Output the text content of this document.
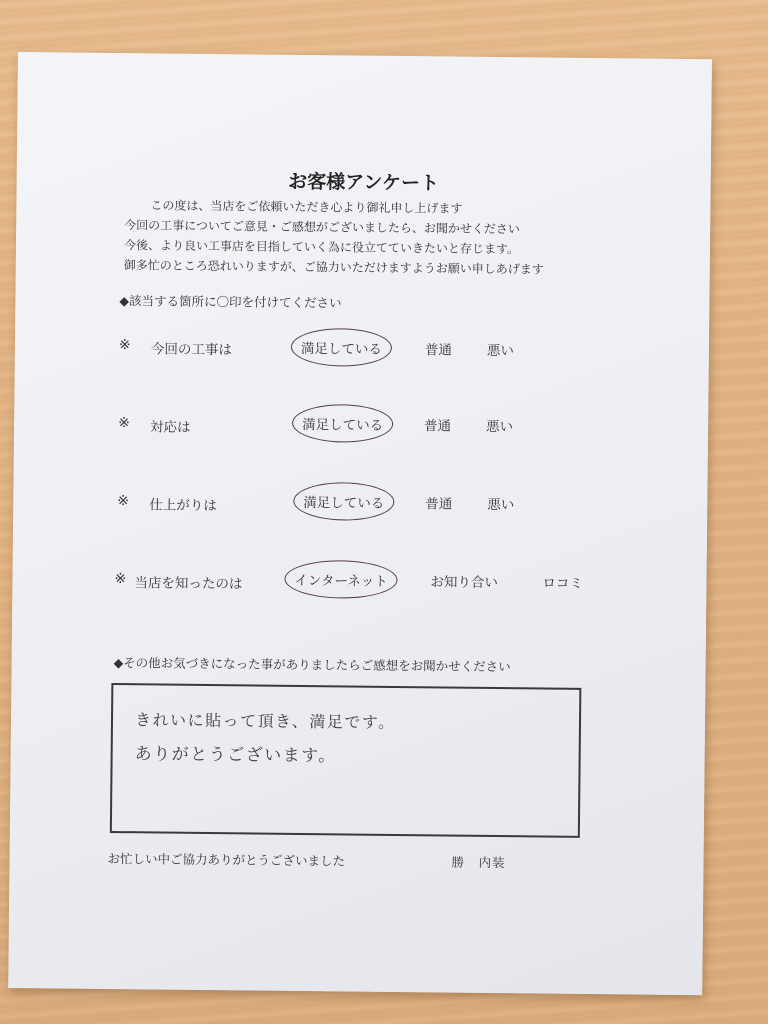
お客様アンケート
この度は、当店をご依頼いただき心より御礼申し上げます
今回の工事についてご意見・ご感想がございましたら、お聞かせください
今後、より良い工事店を目指していく為に役立てていきたいと存じます。
御多忙のところ恐れいりますが、ご協力いただけますようお願い申しあげます
◆該当する箇所に〇印を付けてください
※ 今回の工事は	満足している	普通	悪い
※ 対応は	満足している	普通	悪い
※ 仕上がりは	満足している	普通	悪い
※ 当店を知ったのは	インターネット	お知り合い	ロコミ
◆その他お気づきになった事がありましたらご感想をお聞かせください
きれいに貼って頂き、満足です。
ありがとうございます。
お忙しい中ご協力ありがとうございました	勝　内装
